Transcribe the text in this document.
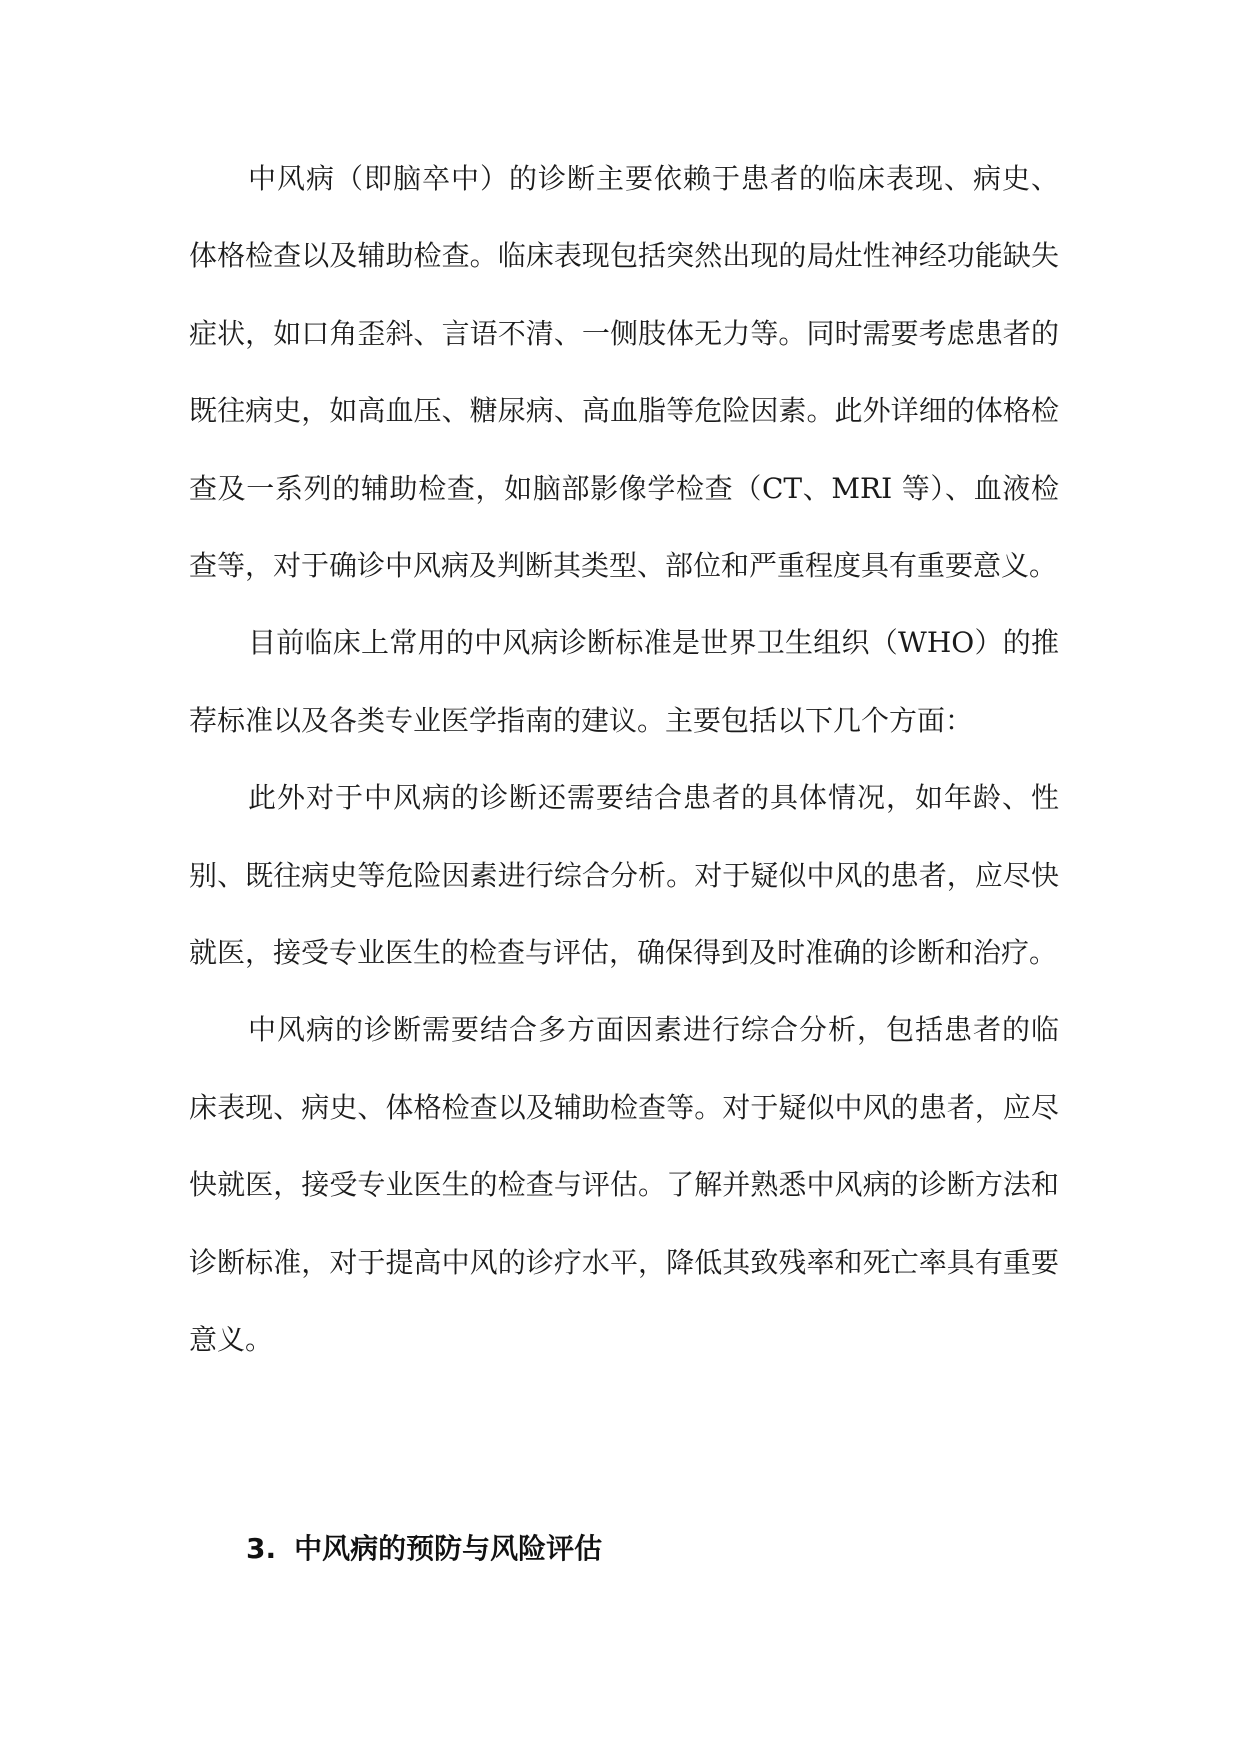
中风病（即脑卒中）的诊断主要依赖于患者的临床表现、病史、体格检查以及辅助检查。临床表现包括突然出现的局灶性神经功能缺失症状，如口角歪斜、言语不清、一侧肢体无力等。同时需要考虑患者的既往病史，如高血压、糖尿病、高血脂等危险因素。此外详细的体格检查及一系列的辅助检查，如脑部影像学检查（CT、MRI 等）、血液检查等，对于确诊中风病及判断其类型、部位和严重程度具有重要意义。

目前临床上常用的中风病诊断标准是世界卫生组织（WHO）的推荐标准以及各类专业医学指南的建议。主要包括以下几个方面：

此外对于中风病的诊断还需要结合患者的具体情况，如年龄、性别、既往病史等危险因素进行综合分析。对于疑似中风的患者，应尽快就医，接受专业医生的检查与评估，确保得到及时准确的诊断和治疗。

中风病的诊断需要结合多方面因素进行综合分析，包括患者的临床表现、病史、体格检查以及辅助检查等。对于疑似中风的患者，应尽快就医，接受专业医生的检查与评估。了解并熟悉中风病的诊断方法和诊断标准，对于提高中风的诊疗水平，降低其致残率和死亡率具有重要意义。

3. 中风病的预防与风险评估
